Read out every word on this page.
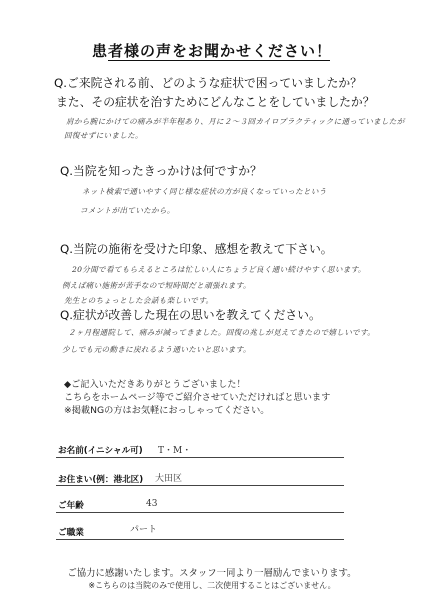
患者様の声をお聞かせください！
Q.ご来院される前、どのような症状で困っていましたか？
また、その症状を治すためにどんなことをしていましたか？
肩から腕にかけての痛みが半年程あり、月に２〜３回カイロプラクティックに通っていましたが
回復せずにいました。
Q.当院を知ったきっかけは何ですか？
ネット検索で通いやすく同じ様な症状の方が良くなっていったという
コメントが出ていたから。
Q.当院の施術を受けた印象、感想を教えて下さい。
20分間で看てもらえるところは忙しい人にちょうど良く通い続けやすく思います。
例えば痛い施術が苦手なので短時間だと頑張れます。
先生とのちょっとした会話も楽しいです。
Q.症状が改善した現在の思いを教えてください。
２ヶ月程通院して、痛みが減ってきました。回復の兆しが見えてきたので嬉しいです。
少しでも元の動きに戻れるよう通いたいと思います。
◆ご記入いただきありがとうございました！
こちらをホームページ等でご紹介させていただければと思います
※掲載NGの方はお気軽におっしゃってください。
お名前(イニシャル可) T・M・
お住まい(例：港北区) 大田区
ご年齢	43
ご職業	パート
ご協力に感謝いたします。スタッフ一同より一層励んでまいります。
※こちらのは当院のみで使用し、二次使用することはございません。
